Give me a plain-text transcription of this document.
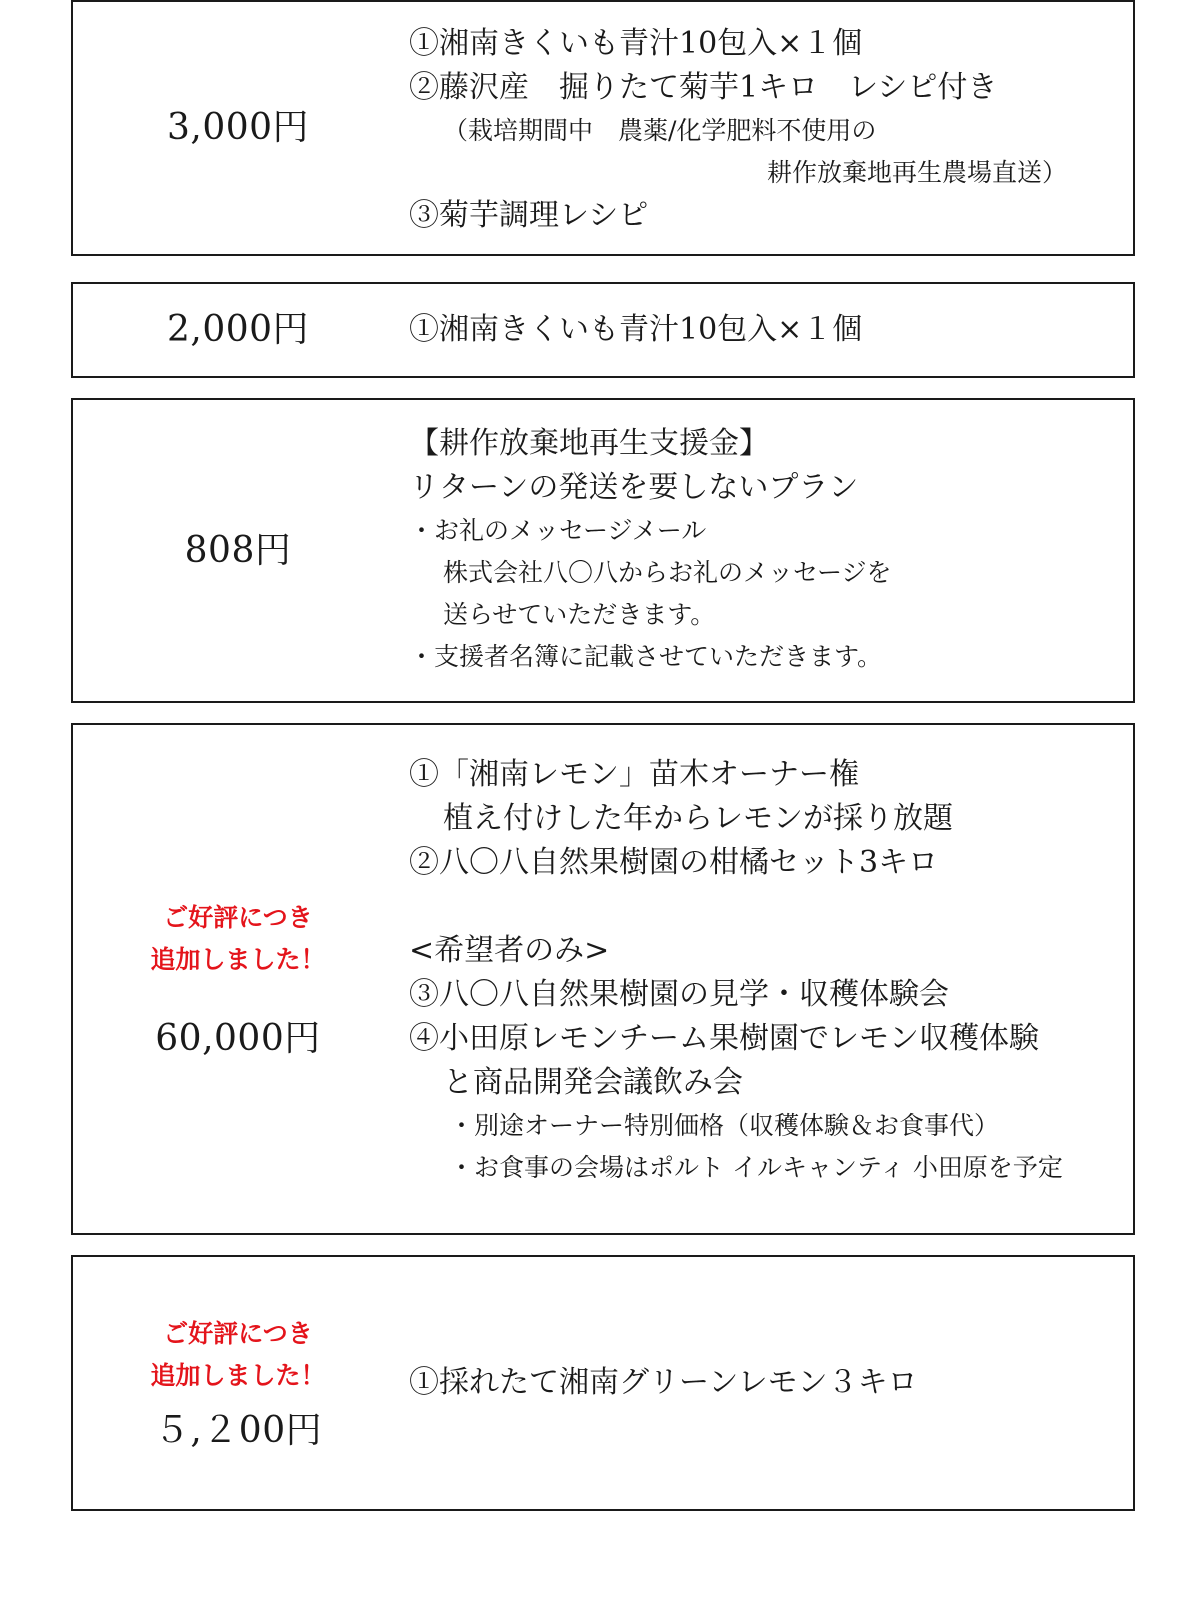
3,000円
①湘南きくいも青汁10包入×１個
②藤沢産　掘りたて菊芋1キロ　レシピ付き
（栽培期間中　農薬/化学肥料不使用の
耕作放棄地再生農場直送）
③菊芋調理レシピ
2,000円	①湘南きくいも青汁10包入×１個
808円
【耕作放棄地再生支援金】
リターンの発送を要しないプラン
・お礼のメッセージメール
株式会社八〇八からお礼のメッセージを
送らせていただきます。
・支援者名簿に記載させていただきます。
ご好評につき
追加しました！
60,000円
①「湘南レモン」苗木オーナー権
植え付けした年からレモンが採り放題
②八〇八自然果樹園の柑橘セット3キロ
<希望者のみ>
③八〇八自然果樹園の見学・収穫体験会
④小田原レモンチーム果樹園でレモン収穫体験
と商品開発会議飲み会
・別途オーナー特別価格（収穫体験＆お食事代）
・お食事の会場はポルト イルキャンティ 小田原を予定
ご好評につき
追加しました！
５,２00円
①採れたて湘南グリーンレモン３キロ
